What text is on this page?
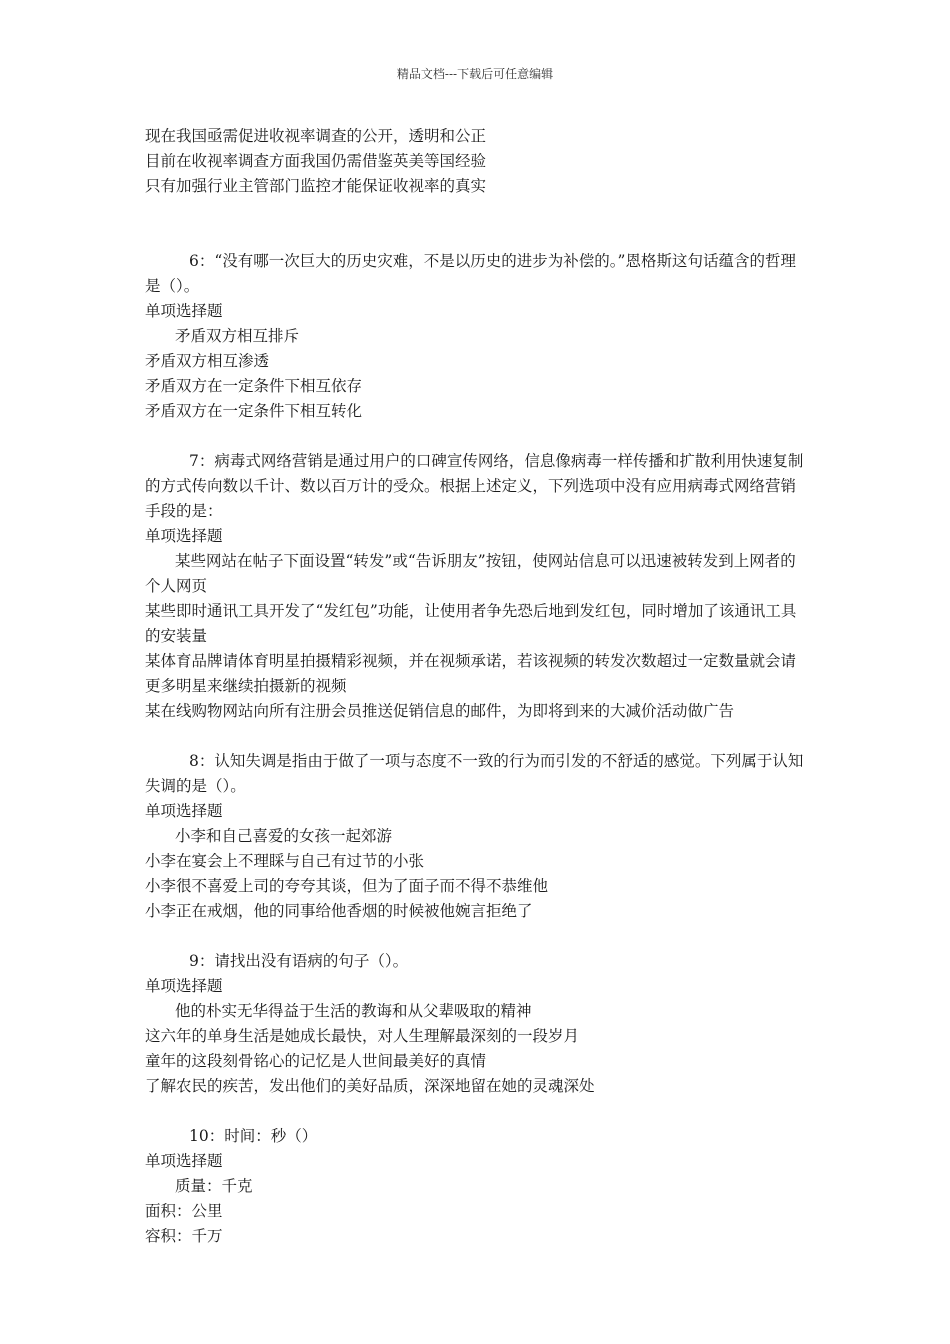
精品文档---下载后可任意编辑
现在我国亟需促进收视率调查的公开，透明和公正
目前在收视率调查方面我国仍需借鉴英美等国经验
只有加强行业主管部门监控才能保证收视率的真实
6：“没有哪一次巨大的历史灾难，不是以历史的进步为补偿的。”恩格斯这句话蕴含的哲理是（）。
单项选择题
矛盾双方相互排斥
矛盾双方相互渗透
矛盾双方在一定条件下相互依存
矛盾双方在一定条件下相互转化
7：病毒式网络营销是通过用户的口碑宣传网络，信息像病毒一样传播和扩散利用快速复制的方式传向数以千计、数以百万计的受众。根据上述定义，下列选项中没有应用病毒式网络营销手段的是：
单项选择题
某些网站在帖子下面设置“转发”或“告诉朋友”按钮，使网站信息可以迅速被转发到上网者的个人网页
某些即时通讯工具开发了“发红包”功能，让使用者争先恐后地到发红包，同时增加了该通讯工具的安装量
某体育品牌请体育明星拍摄精彩视频，并在视频承诺，若该视频的转发次数超过一定数量就会请更多明星来继续拍摄新的视频
某在线购物网站向所有注册会员推送促销信息的邮件，为即将到来的大减价活动做广告
8：认知失调是指由于做了一项与态度不一致的行为而引发的不舒适的感觉。下列属于认知失调的是（）。
单项选择题
小李和自己喜爱的女孩一起郊游
小李在宴会上不理睬与自己有过节的小张
小李很不喜爱上司的夸夸其谈，但为了面子而不得不恭维他
小李正在戒烟，他的同事给他香烟的时候被他婉言拒绝了
9：请找出没有语病的句子（）。
单项选择题
他的朴实无华得益于生活的教诲和从父辈吸取的精神
这六年的单身生活是她成长最快，对人生理解最深刻的一段岁月
童年的这段刻骨铭心的记忆是人世间最美好的真情
了解农民的疾苦，发出他们的美好品质，深深地留在她的灵魂深处
10：时间：秒（）
单项选择题
质量：千克
面积：公里
容积：千万
